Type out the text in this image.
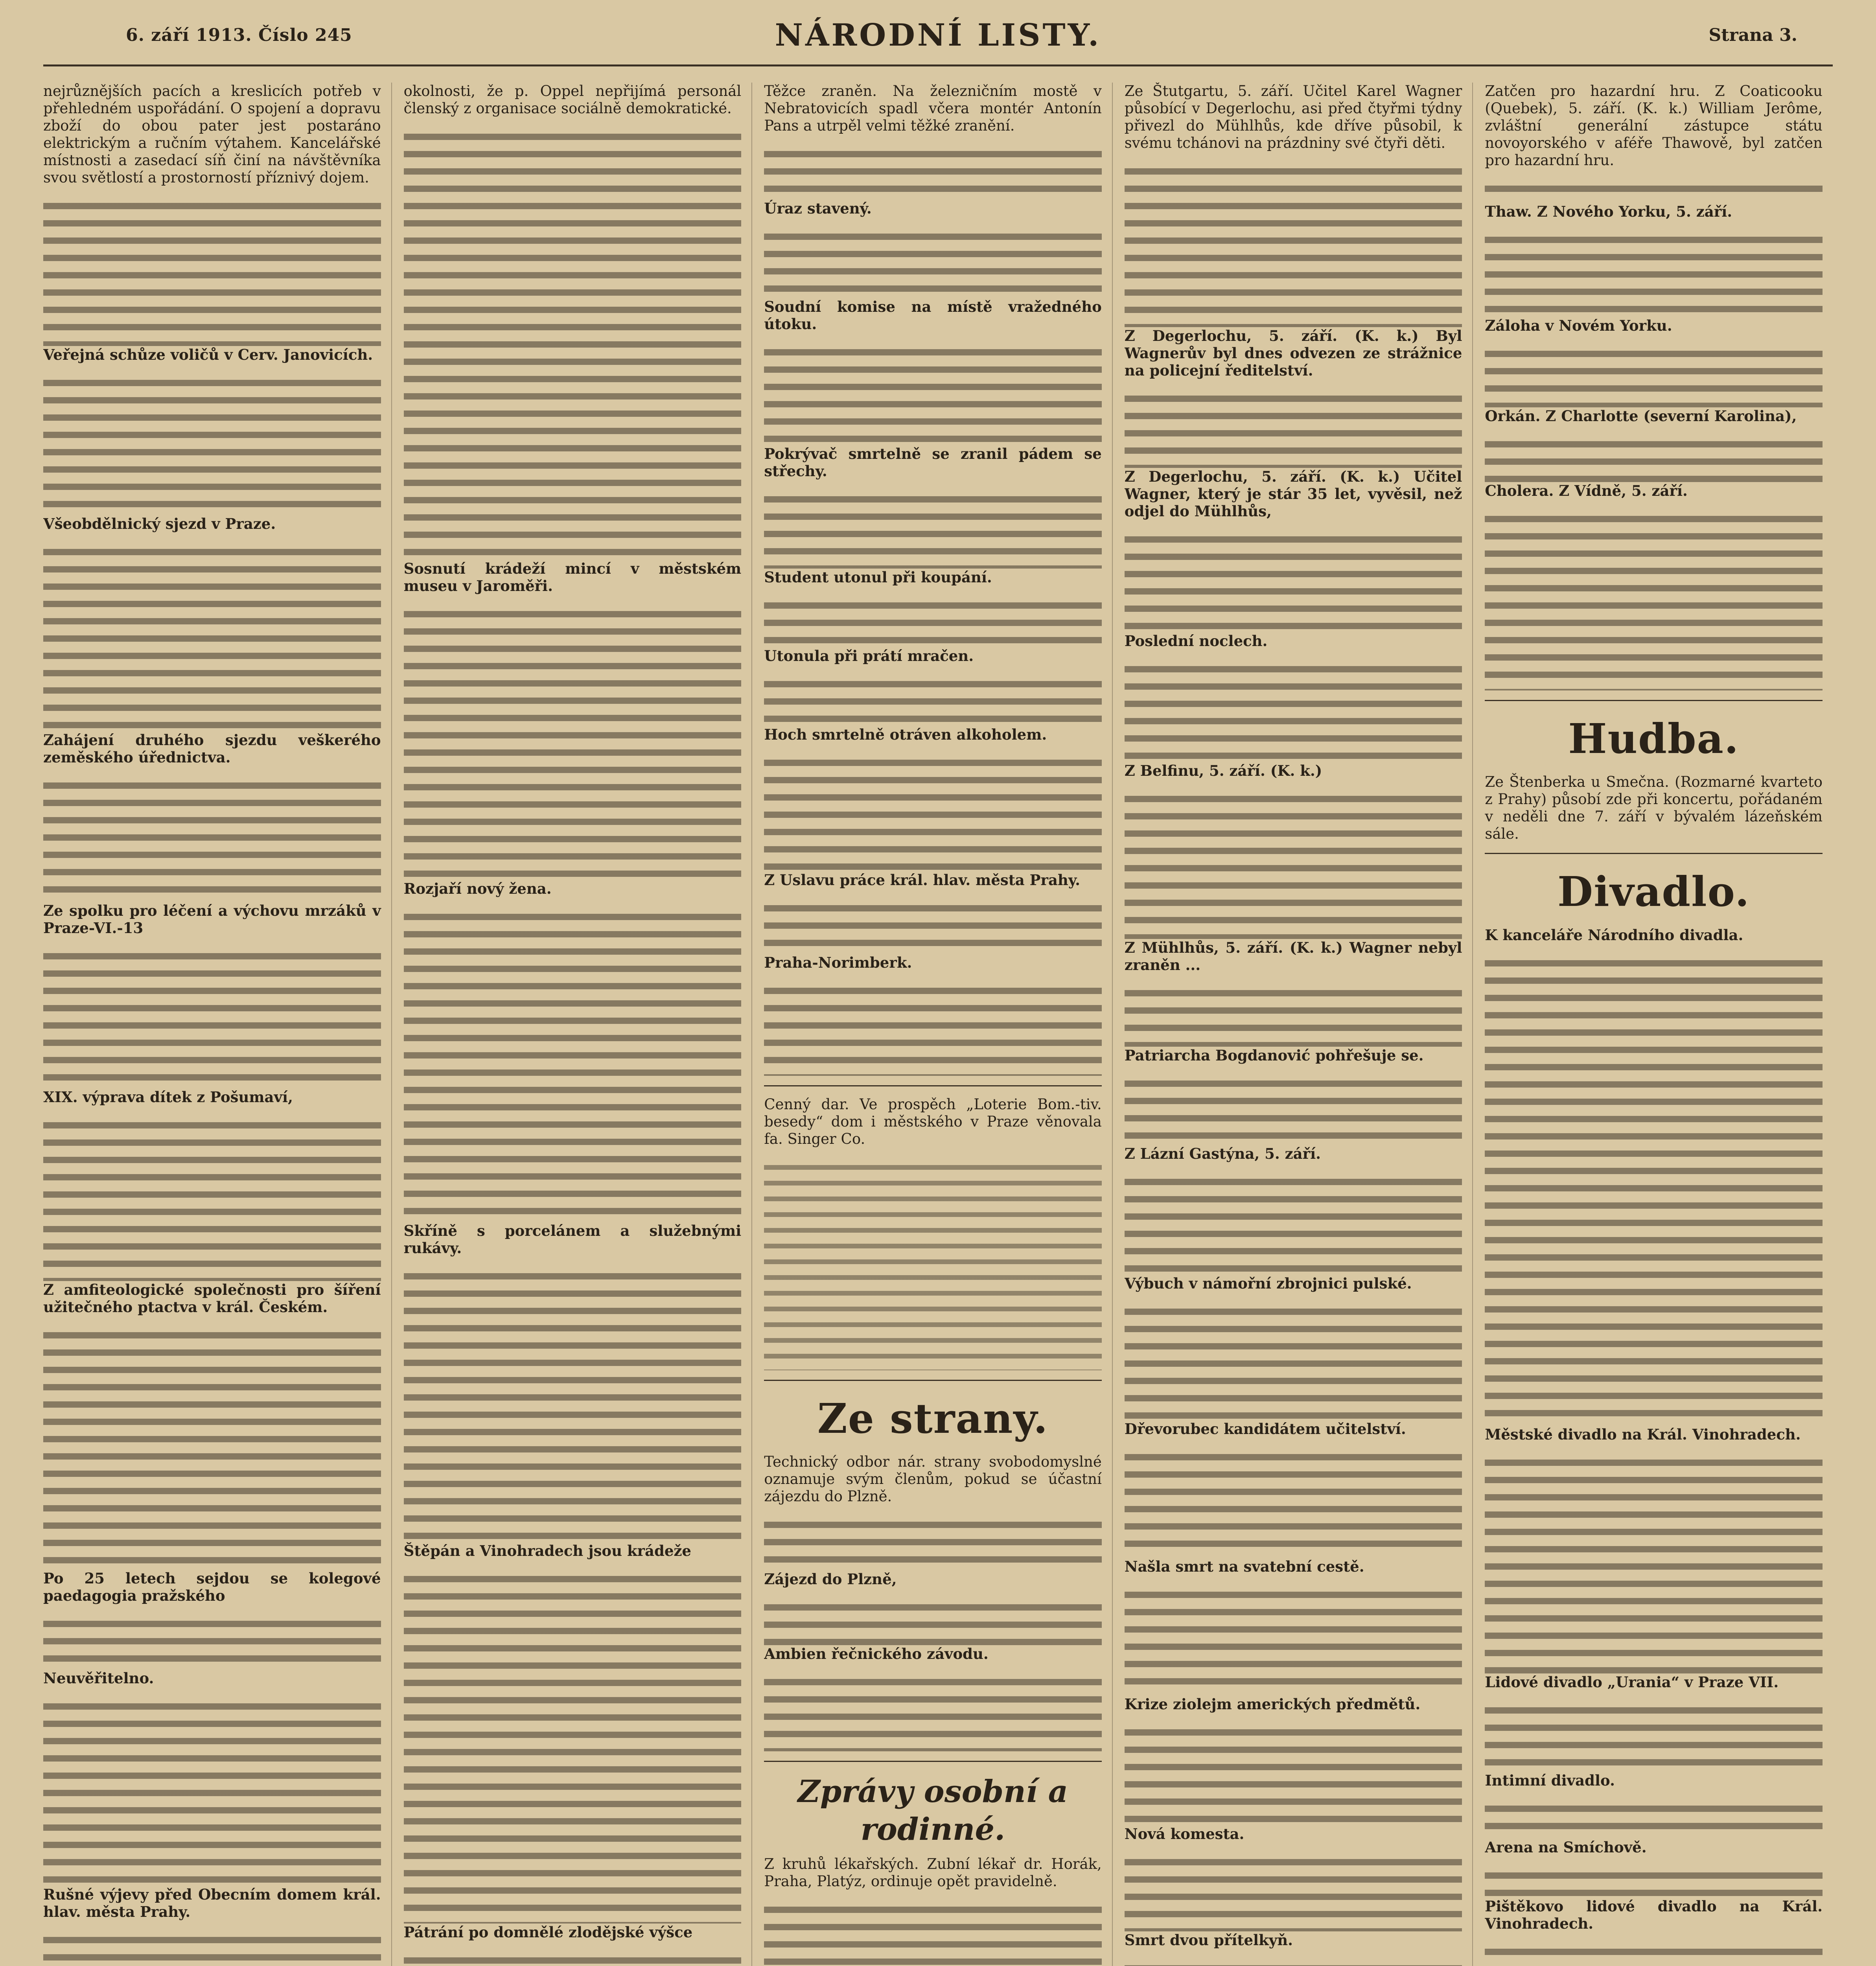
6. září 1913. Číslo 245	NÁRODNÍ LISTY.	Strana 3.

nejrůznějších pacích a kreslicích potřeb v přehledném uspořádání. O spojení a dopravu zboží do obou pater jest postaráno elektrickým a ručním výtahem. Kancelářské místnosti a zasedací síň činí na návštěvníka svou světlostí a prostorností příznivý dojem.

Veřejná schůze voličů v Cerv. Janovicích.

Všeobdělnický sjezd v Praze.

Zahájení druhého sjezdu veškerého zeměského úřednictva.

Ze spolku pro léčení a výchovu mrzáků v Praze-VI.-13

XIX. výprava dítek z Pošumaví,

Z amfiteologické společnosti pro šíření užitečného ptactva v král. Českém.

Po 25 letech sejdou se kolegové paedagogia pražského

Neuvěřitelno.

Rušné výjevy před Obecním domem král. hlav. města Prahy.

okolnosti, že p. Oppel nepřijímá personál členský z organisace sociálně demokratické.

Sosnutí krádeží mincí v městském museu v Jaroměři.

Rozjaří nový žena.

Skříně s porcelánem a služebnými rukávy.

Štěpán a Vinohradech jsou krádeže

Pátrání po domnělé zlodějské výšce

Těžce zraněn. Na železničním mostě v Nebratovicích spadl včera montér Antonín Pans a utrpěl velmi těžké zranění.

Úraz stavený.

Soudní komise na místě vražedného útoku.

Pokrývač smrtelně se zranil pádem se střechy.

Student utonul při koupání.

Utonula při prátí mračen.

Hoch smrtelně otráven alkoholem.

Z Uslavu práce král. hlav. města Prahy.

Praha-Norimberk.

Cenný dar. Ve prospěch „Loterie Bom.-tiv. besedy“ dom i městského v Praze věnovala fa. Singer Co.

Ze strany.

Technický odbor nár. strany svobodomyslné oznamuje svým členům, pokud se účastní zájezdu do Plzně.

Zájezd do Plzně,

Ambien řečnického závodu.

Zprávy osobní a rodinné.

Z kruhů lékařských. Zubní lékař dr. Horák, Praha, Platýz, ordinuje opět pravidelně.

Ze Štutgartu, 5. září. Učitel Karel Wagner působící v Degerlochu, asi před čtyřmi týdny přivezl do Mühlhůs, kde dříve působil, k svému tchánovi na prázdniny své čtyři děti.

Z Degerlochu, 5. září. (K. k.) Byl Wagnerův byl dnes odvezen ze strážnice na policejní ředitelství.

Z Degerlochu, 5. září. (K. k.) Učitel Wagner, který je stár 35 let, vyvěsil, než odjel do Mühlhůs,

Poslední noclech.

Z Belfinu, 5. září. (K. k.)

Z Mühlhůs, 5. září. (K. k.) Wagner nebyl zraněn ...

Patriarcha Bogdanović pohřešuje se.

Z Lázní Gastýna, 5. září.

Výbuch v námořní zbrojnici pulské.

Dřevorubec kandidátem učitelství.

Našla smrt na svatební cestě.

Krize ziolejm amerických předmětů.

Nová komesta.

Smrt dvou přítelkyň.

Zatčen pro hazardní hru. Z Coaticooku (Quebek), 5. září. (K. k.) William Jerôme, zvláštní generální zástupce státu novoyorského v aféře Thawově, byl zatčen pro hazardní hru.

Thaw. Z Nového Yorku, 5. září.

Záloha v Novém Yorku.

Orkán. Z Charlotte (severní Karolina),

Cholera. Z Vídně, 5. září.

Hudba.

Ze Štenberka u Smečna. (Rozmarné kvarteto z Prahy) působí zde při koncertu, pořádaném v neděli dne 7. září v bývalém lázeňském sále.

Divadlo.

K kanceláře Národního divadla.

Městské divadlo na Král. Vinohradech.

Lidové divadlo „Urania“ v Praze VII.

Intimní divadlo.

Arena na Smíchově.

Pištěkovo lidové divadlo na Král. Vinohradech.
